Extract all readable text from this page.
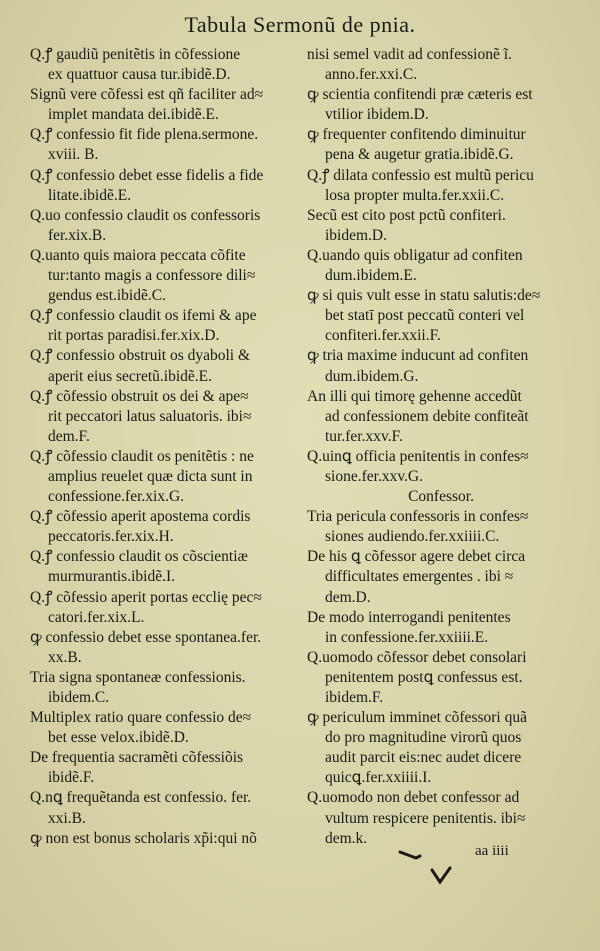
Tabula Sermonũ de pnia.
Q.ꝭ gaudiũ penitẽtis in cõfessione
ex quattuor causa tur.ibidẽ.D.
Signũ vere cõfessi est qñ faciliter ad≈
implet mandata dei.ibidẽ.E.
Q.ꝭ confessio fit fide plena.sermone.
xviii. B.
Q.ꝭ confessio debet esse fidelis a fide
litate.ibidẽ.E.
Q.uo confessio claudit os confessoris
fer.xix.B.
Q.uanto quis maiora peccata cõfite
tur:tanto magis a confessore dili≈
gendus est.ibidẽ.C.
Q.ꝭ confessio claudit os ifemi & ape
rit portas paradisi.fer.xix.D.
Q.ꝭ confessio obstruit os dyaboli &
aperit eius secretũ.ibidẽ.E.
Q.ꝭ cõfessio obstruit os dei & ape≈
rit peccatori latus saluatoris. ibi≈
dem.F.
Q.ꝭ cõfessio claudit os penitẽtis : ne
amplius reuelet quæ dicta sunt in
confessione.fer.xix.G.
Q.ꝭ cõfessio aperit apostema cordis
peccatoris.fer.xix.H.
Q.ꝭ confessio claudit os cõscientiæ
murmurantis.ibidẽ.I.
Q.ꝭ cõfessio aperit portas ecclię pec≈
catori.fer.xix.L.
ꝙ confessio debet esse spontanea.fer.
xx.B.
Tria signa spontaneæ confessionis.
ibidem.C.
Multiplex ratio quare confessio de≈
bet esse velox.ibidẽ.D.
De frequentia sacramẽti cõfessiõis
ibidẽ.F.
Q.nꝗ frequẽtanda est confessio. fer.
xxi.B.
ꝙ non est bonus scholaris xp̃i:qui nõ
nisi semel vadit ad confessionẽ ĩ.
anno.fer.xxi.C.
ꝙ scientia confitendi præ cæteris est
vtilior ibidem.D.
ꝙ frequenter confitendo diminuitur
pena & augetur gratia.ibidẽ.G.
Q.ꝭ dilata confessio est multũ pericu
losa propter multa.fer.xxii.C.
Secũ est cito post pctũ confiteri.
ibidem.D.
Q.uando quis obligatur ad confiten
dum.ibidem.E.
ꝙ si quis vult esse in statu salutis:de≈
bet statī post peccatũ conteri vel
confiteri.fer.xxii.F.
ꝙ tria maxime inducunt ad confiten
dum.ibidem.G.
An illi qui timorę gehenne accedũt
ad confessionem debite confiteãt
tur.fer.xxv.F.
Q.uinꝗ officia penitentis in confes≈
sione.fer.xxv.G.
Confessor.
Tria pericula confessoris in confes≈
siones audiendo.fer.xxiiii.C.
De his ꝗ cõfessor agere debet circa
difficultates emergentes . ibi ≈
dem.D.
De modo interrogandi penitentes
in confessione.fer.xxiiii.E.
Q.uomodo cõfessor debet consolari
penitentem postꝗ confessus est.
ibidem.F.
ꝙ periculum imminet cõfessori quã
do pro magnitudine virorũ quos
audit parcit eis:nec audet dicere
quicꝗ.fer.xxiiii.I.
Q.uomodo non debet confessor ad
vultum respicere penitentis. ibi≈
dem.k.
aa iiii
